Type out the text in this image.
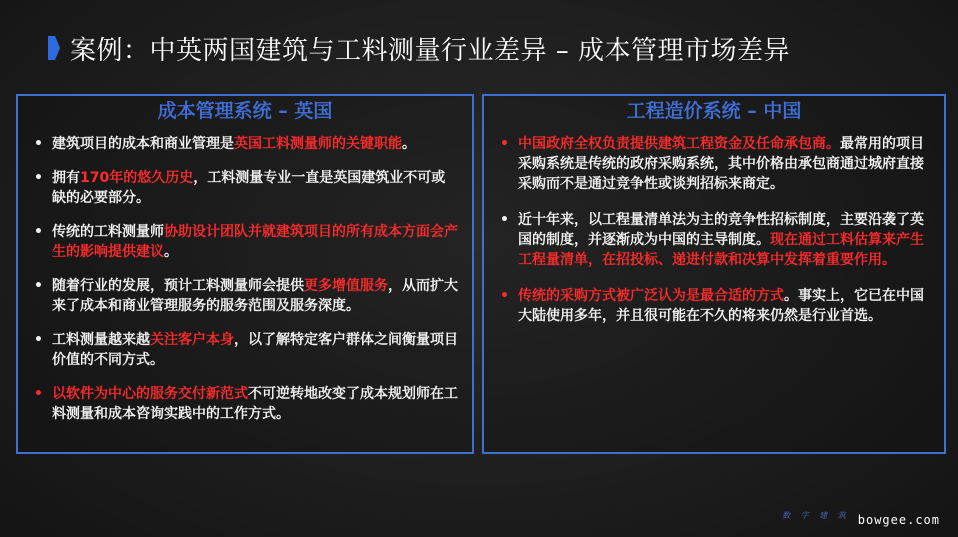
案例：中英两国建筑与工料测量行业差异 – 成本管理市场差异
成本管理系统 – 英国
• 建筑项目的成本和商业管理是英国工料测量师的关键职能。
• 拥有170年的悠久历史，工料测量专业一直是英国建筑业不可或缺的必要部分。
• 传统的工料测量师协助设计团队并就建筑项目的所有成本方面会产生的影响提供建议。
• 随着行业的发展，预计工料测量师会提供更多增值服务，从而扩大来了成本和商业管理服务的服务范围及服务深度。
• 工料测量越来越关注客户本身，以了解特定客户群体之间衡量项目价值的不同方式。
• 以软件为中心的服务交付新范式不可逆转地改变了成本规划师在工料测量和成本咨询实践中的工作方式。
工程造价系统 – 中国
• 中国政府全权负责提供建筑工程资金及任命承包商。最常用的项目采购系统是传统的政府采购系统，其中价格由承包商通过城府直接采购而不是通过竞争性或谈判招标来商定。
• 近十年来，以工程量清单法为主的竞争性招标制度，主要沿袭了英国的制度，并逐渐成为中国的主导制度。现在通过工料估算来产生工程量清单，在招投标、递进付款和决算中发挥着重要作用。
• 传统的采购方式被广泛认为是最合适的方式。事实上，它已在中国大陆使用多年，并且很可能在不久的将来仍然是行业首选。
数 字 建 筑 bowgee.com
